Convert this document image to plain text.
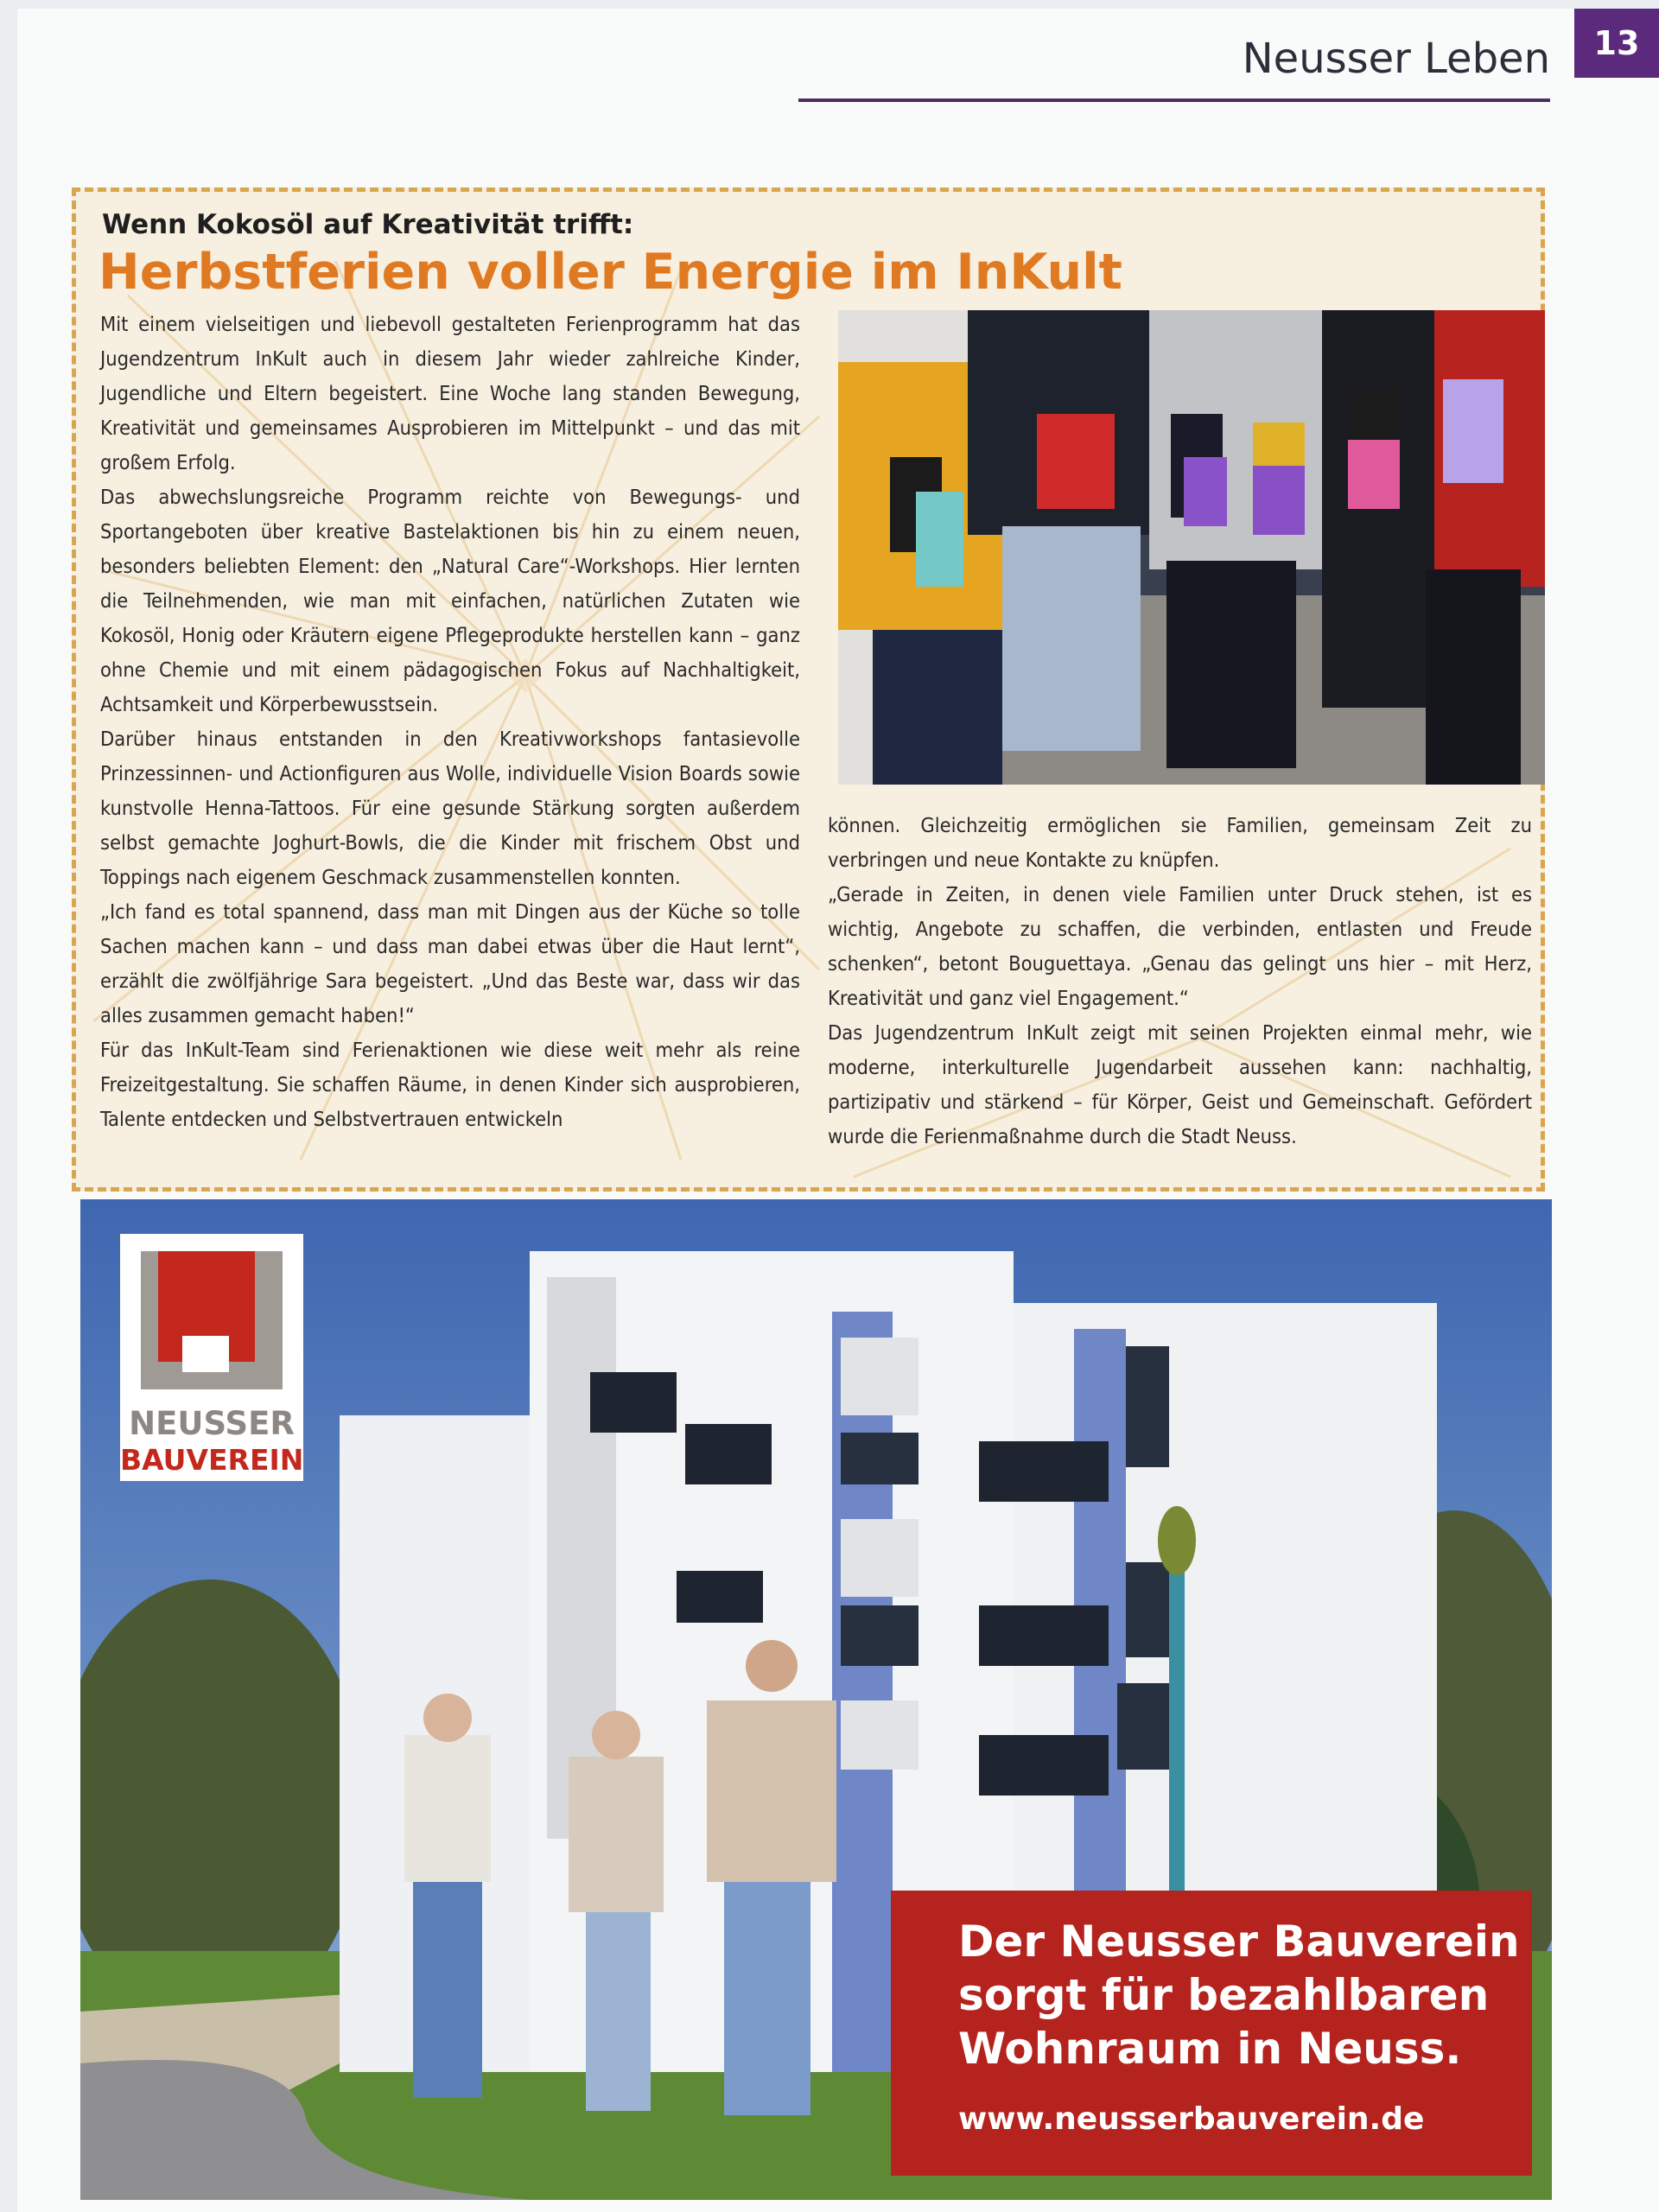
Neusser Leben	13
Wenn Kokosöl auf Kreativität trifft:
Herbstferien voller Energie im InKult

Mit einem vielseitigen und liebevoll gestalteten Ferienprogramm hat das Jugendzentrum InKult auch in diesem Jahr wieder zahlreiche Kinder, Jugendliche und Eltern begeistert. Eine Woche lang standen Bewegung, Kreativität und gemeinsames Ausprobieren im Mittelpunkt – und das mit großem Erfolg.

Das abwechslungsreiche Programm reichte von Bewegungs- und Sportangeboten über kreative Bastelaktionen bis hin zu einem neuen, besonders beliebten Element: den „Natural Care“-Workshops. Hier lernten die Teilnehmenden, wie man mit einfachen, natürlichen Zutaten wie Kokosöl, Honig oder Kräutern eigene Pflegeprodukte herstellen kann – ganz ohne Chemie und mit einem pädagogischen Fokus auf Nachhaltigkeit, Achtsamkeit und Körperbewusstsein.

Darüber hinaus entstanden in den Kreativworkshops fantasievolle Prinzessinnen- und Actionfiguren aus Wolle, individuelle Vision Boards sowie kunstvolle Henna-Tattoos. Für eine gesunde Stärkung sorgten außerdem selbst gemachte Joghurt-Bowls, die die Kinder mit frischem Obst und Toppings nach eigenem Geschmack zusammenstellen konnten.

„Ich fand es total spannend, dass man mit Dingen aus der Küche so tolle Sachen machen kann – und dass man dabei etwas über die Haut lernt“, erzählt die zwölfjährige Sara begeistert. „Und das Beste war, dass wir das alles zusammen gemacht haben!“

Für das InKult-Team sind Ferienaktionen wie diese weit mehr als reine Freizeitgestaltung. Sie schaffen Räume, in denen Kinder sich ausprobieren, Talente entdecken und Selbstvertrauen entwickeln

können. Gleichzeitig ermöglichen sie Familien, gemeinsam Zeit zu verbringen und neue Kontakte zu knüpfen.

„Gerade in Zeiten, in denen viele Familien unter Druck stehen, ist es wichtig, Angebote zu schaffen, die verbinden, entlasten und Freude schenken“, betont Bouguettaya. „Genau das gelingt uns hier – mit Herz, Kreativität und ganz viel Engagement.“

Das Jugendzentrum InKult zeigt mit seinen Projekten einmal mehr, wie moderne, interkulturelle Jugendarbeit aussehen kann: nachhaltig, partizipativ und stärkend – für Körper, Geist und Gemeinschaft. Gefördert wurde die Ferienmaßnahme durch die Stadt Neuss.

NEUSSER
BAUVEREIN
Der Neusser Bauverein
sorgt für bezahlbaren
Wohnraum in Neuss.
www.neusserbauverein.de
